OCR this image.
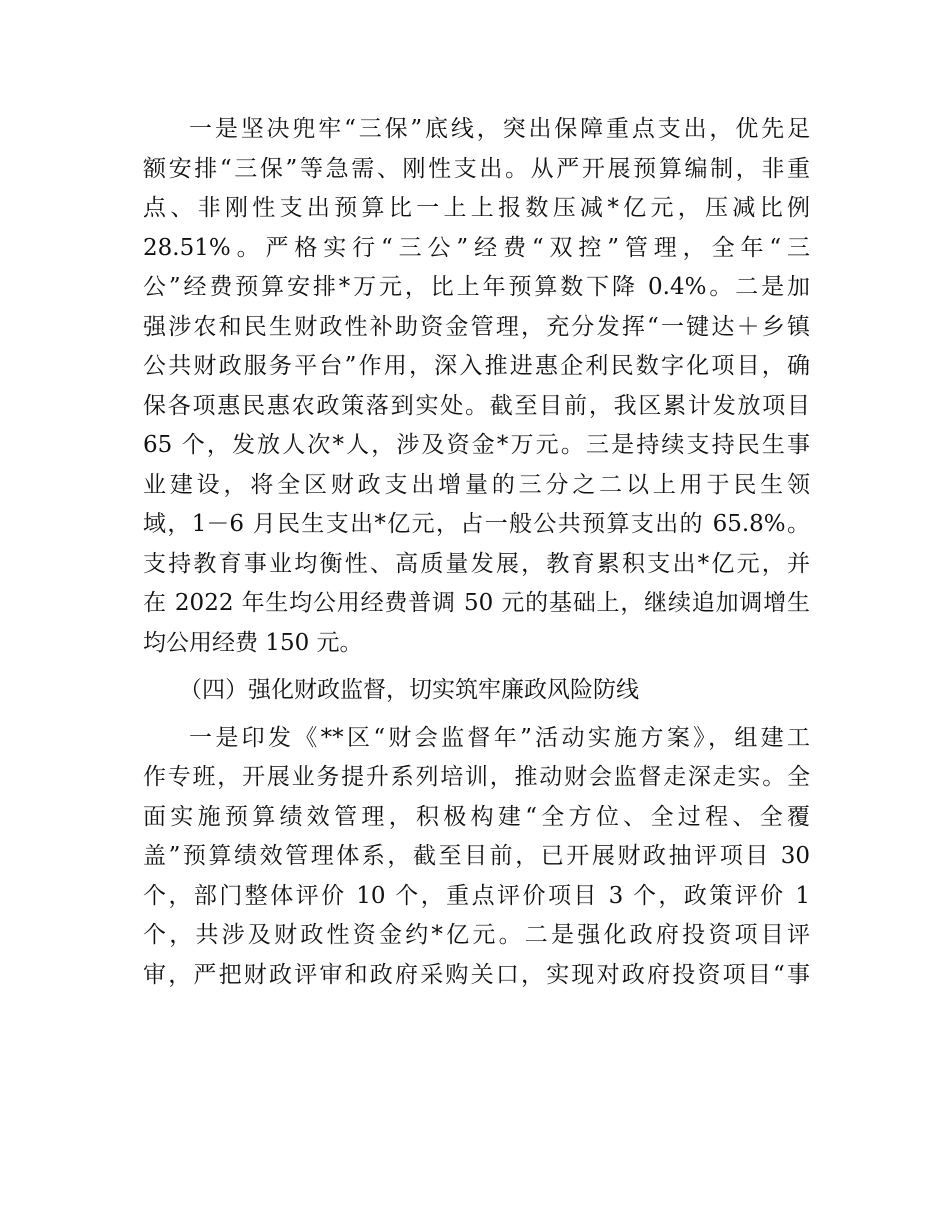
一是坚决兜牢“三保”底线，突出保障重点支出，优先足
额安排“三保”等急需、刚性支出。从严开展预算编制，非重
点、非刚性支出预算比一上上报数压减*亿元，压减比例
28.51%。严格实行“三公”经费“双控”管理，全年“三
公”经费预算安排*万元，比上年预算数下降 0.4%。二是加
强涉农和民生财政性补助资金管理，充分发挥“一键达＋乡镇
公共财政服务平台”作用，深入推进惠企利民数字化项目，确
保各项惠民惠农政策落到实处。截至目前，我区累计发放项目
65 个，发放人次*人，涉及资金*万元。三是持续支持民生事
业建设，将全区财政支出增量的三分之二以上用于民生领
域，1－6 月民生支出*亿元，占一般公共预算支出的 65.8%。
支持教育事业均衡性、高质量发展，教育累积支出*亿元，并
在 2022 年生均公用经费普调 50 元的基础上，继续追加调增生
均公用经费 150 元。
（四）强化财政监督，切实筑牢廉政风险防线
一是印发《**区“财会监督年”活动实施方案》，组建工
作专班，开展业务提升系列培训，推动财会监督走深走实。全
面实施预算绩效管理，积极构建“全方位、全过程、全覆
盖”预算绩效管理体系，截至目前，已开展财政抽评项目 30
个，部门整体评价 10 个，重点评价项目 3 个，政策评价 1
个，共涉及财政性资金约*亿元。二是强化政府投资项目评
审，严把财政评审和政府采购关口，实现对政府投资项目“事
